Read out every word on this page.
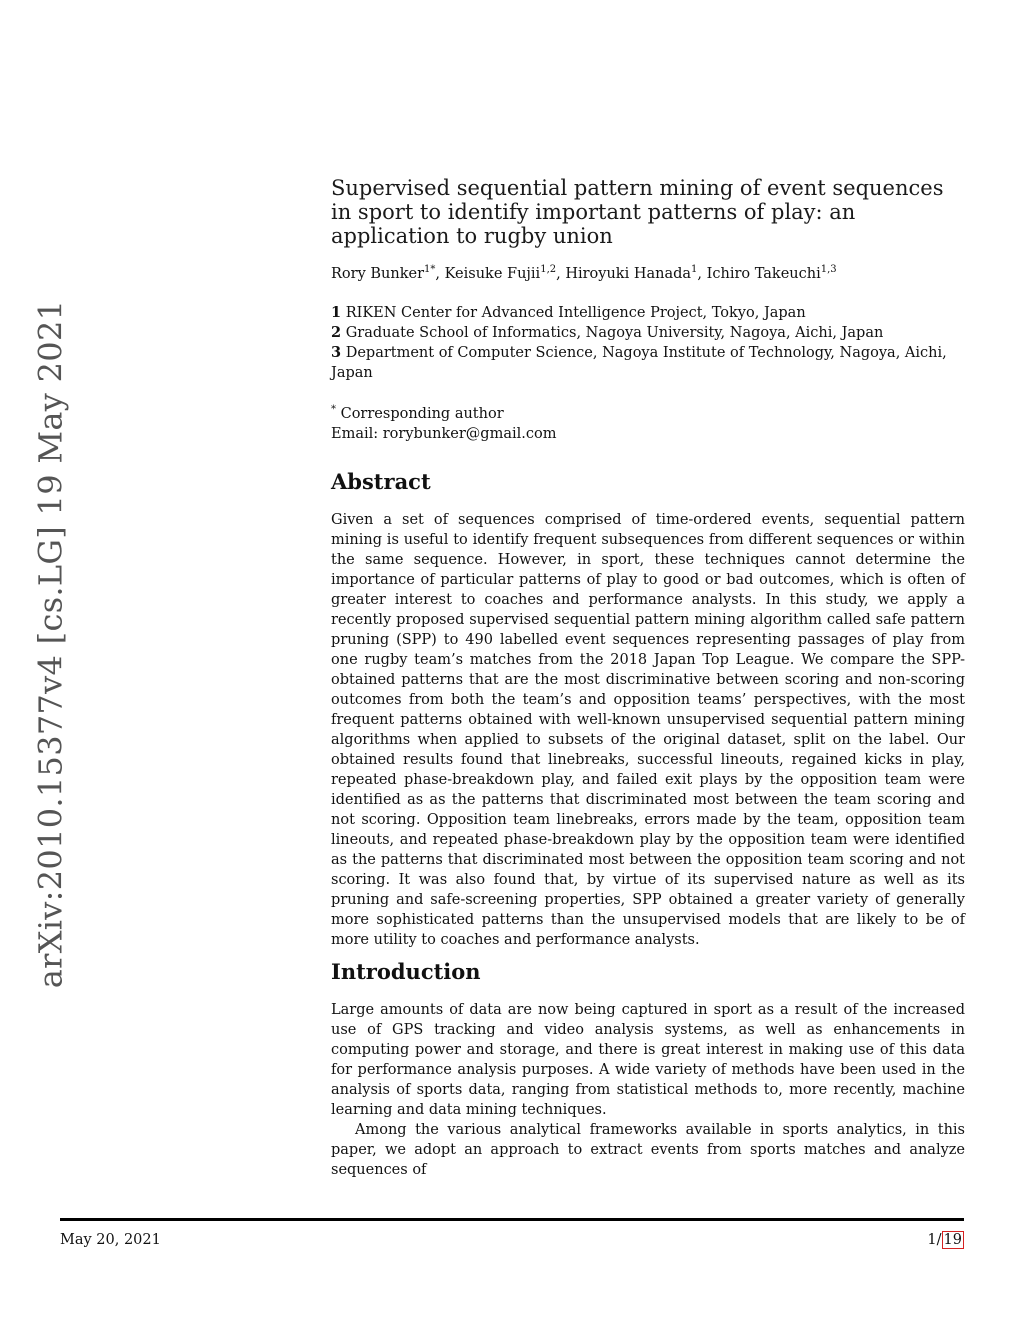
arXiv:2010.15377v4 [cs.LG] 19 May 2021
Supervised sequential pattern mining of event sequences in sport to identify important patterns of play: an application to rugby union
Rory Bunker$^{1*}$, Keisuke Fujii$^{1,2}$, Hiroyuki Hanada$^1$, Ichiro Takeuchi$^{1,3}$
1 RIKEN Center for Advanced Intelligence Project, Tokyo, Japan
2 Graduate School of Informatics, Nagoya University, Nagoya, Aichi, Japan
3 Department of Computer Science, Nagoya Institute of Technology, Nagoya, Aichi, Japan
* Corresponding author
Email: rorybunker@gmail.com
Abstract

Given a set of sequences comprised of time-ordered events, sequential pattern mining is useful to identify frequent subsequences from different sequences or within the same sequence. However, in sport, these techniques cannot determine the importance of particular patterns of play to good or bad outcomes, which is often of greater interest to coaches and performance analysts. In this study, we apply a recently proposed supervised sequential pattern mining algorithm called safe pattern pruning (SPP) to 490 labelled event sequences representing passages of play from one rugby team’s matches from the 2018 Japan Top League. We compare the SPP-obtained patterns that are the most discriminative between scoring and non-scoring outcomes from both the team’s and opposition teams’ perspectives, with the most frequent patterns obtained with well-known unsupervised sequential pattern mining algorithms when applied to subsets of the original dataset, split on the label. Our obtained results found that linebreaks, successful lineouts, regained kicks in play, repeated phase-breakdown play, and failed exit plays by the opposition team were identified as as the patterns that discriminated most between the team scoring and not scoring. Opposition team linebreaks, errors made by the team, opposition team lineouts, and repeated phase-breakdown play by the opposition team were identified as the patterns that discriminated most between the opposition team scoring and not scoring. It was also found that, by virtue of its supervised nature as well as its pruning and safe-screening properties, SPP obtained a greater variety of generally more sophisticated patterns than the unsupervised models that are likely to be of more utility to coaches and performance analysts.

Introduction

Large amounts of data are now being captured in sport as a result of the increased use of GPS tracking and video analysis systems, as well as enhancements in computing power and storage, and there is great interest in making use of this data for performance analysis purposes. A wide variety of methods have been used in the analysis of sports data, ranging from statistical methods to, more recently, machine learning and data mining techniques.

Among the various analytical frameworks available in sports analytics, in this paper, we adopt an approach to extract events from sports matches and analyze sequences of

May 20, 2021	1/ 19
